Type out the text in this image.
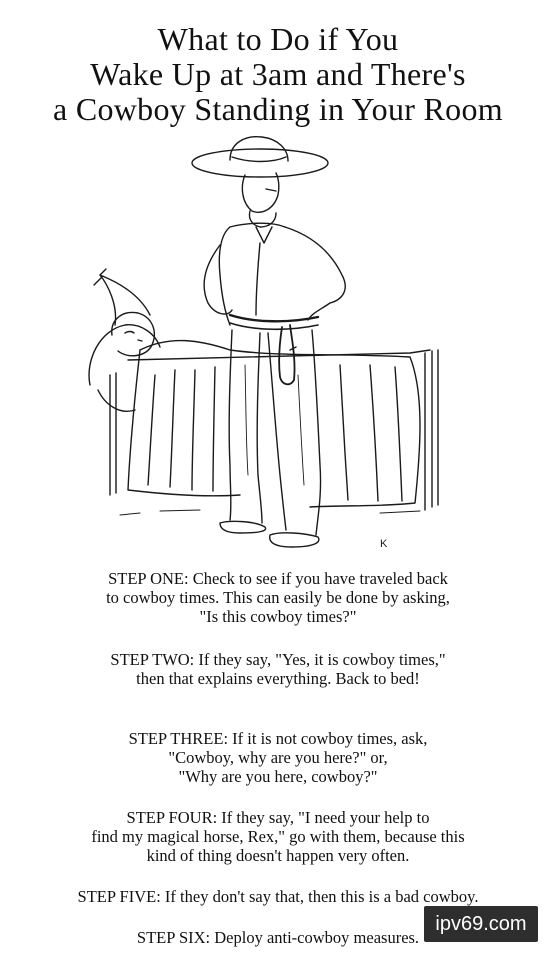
What to Do if You
Wake Up at 3am and There's
a Cowboy Standing in Your Room
K
STEP ONE: Check to see if you have traveled back
to cowboy times. This can easily be done by asking,
"Is this cowboy times?"
STEP TWO: If they say, "Yes, it is cowboy times,"
then that explains everything. Back to bed!
STEP THREE: If it is not cowboy times, ask,
"Cowboy, why are you here?" or,
"Why are you here, cowboy?"
STEP FOUR: If they say, "I need your help to
find my magical horse, Rex," go with them, because this
kind of thing doesn't happen very often.
STEP FIVE: If they don't say that, then this is a bad cowboy.
STEP SIX: Deploy anti-cowboy measures.
ipv69.com
